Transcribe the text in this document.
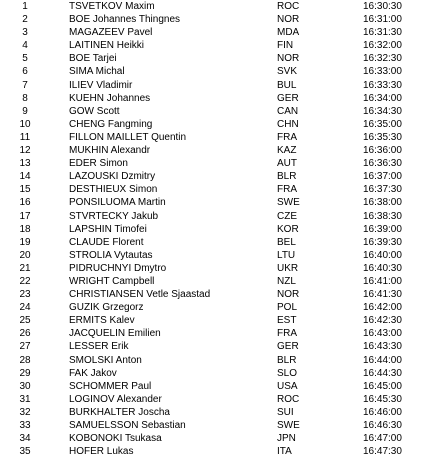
1	TSVETKOV Maxim	ROC	16:30:30
2	BOE Johannes Thingnes	NOR	16:31:00
3	MAGAZEEV Pavel	MDA	16:31:30
4	LAITINEN Heikki	FIN	16:32:00
5	BOE Tarjei	NOR	16:32:30
6	SIMA Michal	SVK	16:33:00
7	ILIEV Vladimir	BUL	16:33:30
8	KUEHN Johannes	GER	16:34:00
9	GOW Scott	CAN	16:34:30
10	CHENG Fangming	CHN	16:35:00
11	FILLON MAILLET Quentin	FRA	16:35:30
12	MUKHIN Alexandr	KAZ	16:36:00
13	EDER Simon	AUT	16:36:30
14	LAZOUSKI Dzmitry	BLR	16:37:00
15	DESTHIEUX Simon	FRA	16:37:30
16	PONSILUOMA Martin	SWE	16:38:00
17	STVRTECKY Jakub	CZE	16:38:30
18	LAPSHIN Timofei	KOR	16:39:00
19	CLAUDE Florent	BEL	16:39:30
20	STROLIA Vytautas	LTU	16:40:00
21	PIDRUCHNYI Dmytro	UKR	16:40:30
22	WRIGHT Campbell	NZL	16:41:00
23	CHRISTIANSEN Vetle Sjaastad	NOR	16:41:30
24	GUZIK Grzegorz	POL	16:42:00
25	ERMITS Kalev	EST	16:42:30
26	JACQUELIN Emilien	FRA	16:43:00
27	LESSER Erik	GER	16:43:30
28	SMOLSKI Anton	BLR	16:44:00
29	FAK Jakov	SLO	16:44:30
30	SCHOMMER Paul	USA	16:45:00
31	LOGINOV Alexander	ROC	16:45:30
32	BURKHALTER Joscha	SUI	16:46:00
33	SAMUELSSON Sebastian	SWE	16:46:30
34	KOBONOKI Tsukasa	JPN	16:47:00
35	HOFER Lukas	ITA	16:47:30
